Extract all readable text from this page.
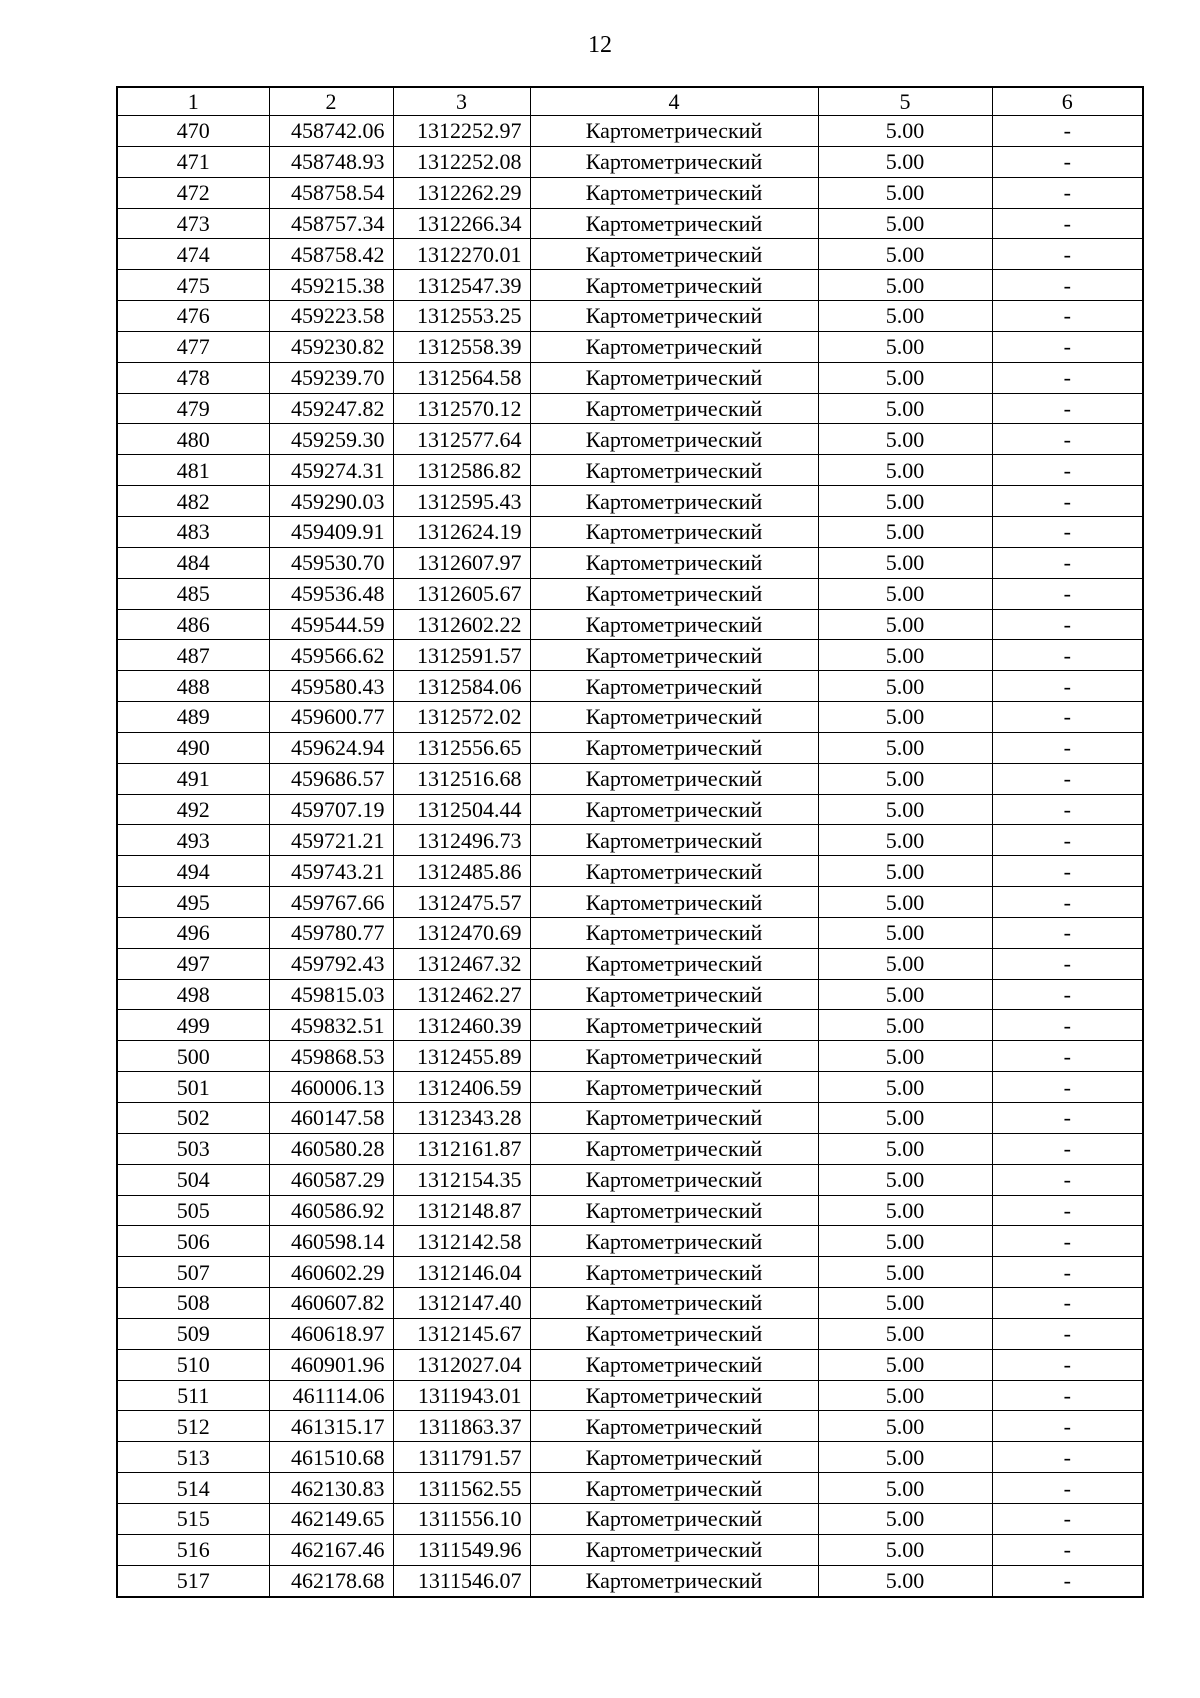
12
1	2	3	4	5	6
470	458742.06	1312252.97	Картометрический	5.00	-
471	458748.93	1312252.08	Картометрический	5.00	-
472	458758.54	1312262.29	Картометрический	5.00	-
473	458757.34	1312266.34	Картометрический	5.00	-
474	458758.42	1312270.01	Картометрический	5.00	-
475	459215.38	1312547.39	Картометрический	5.00	-
476	459223.58	1312553.25	Картометрический	5.00	-
477	459230.82	1312558.39	Картометрический	5.00	-
478	459239.70	1312564.58	Картометрический	5.00	-
479	459247.82	1312570.12	Картометрический	5.00	-
480	459259.30	1312577.64	Картометрический	5.00	-
481	459274.31	1312586.82	Картометрический	5.00	-
482	459290.03	1312595.43	Картометрический	5.00	-
483	459409.91	1312624.19	Картометрический	5.00	-
484	459530.70	1312607.97	Картометрический	5.00	-
485	459536.48	1312605.67	Картометрический	5.00	-
486	459544.59	1312602.22	Картометрический	5.00	-
487	459566.62	1312591.57	Картометрический	5.00	-
488	459580.43	1312584.06	Картометрический	5.00	-
489	459600.77	1312572.02	Картометрический	5.00	-
490	459624.94	1312556.65	Картометрический	5.00	-
491	459686.57	1312516.68	Картометрический	5.00	-
492	459707.19	1312504.44	Картометрический	5.00	-
493	459721.21	1312496.73	Картометрический	5.00	-
494	459743.21	1312485.86	Картометрический	5.00	-
495	459767.66	1312475.57	Картометрический	5.00	-
496	459780.77	1312470.69	Картометрический	5.00	-
497	459792.43	1312467.32	Картометрический	5.00	-
498	459815.03	1312462.27	Картометрический	5.00	-
499	459832.51	1312460.39	Картометрический	5.00	-
500	459868.53	1312455.89	Картометрический	5.00	-
501	460006.13	1312406.59	Картометрический	5.00	-
502	460147.58	1312343.28	Картометрический	5.00	-
503	460580.28	1312161.87	Картометрический	5.00	-
504	460587.29	1312154.35	Картометрический	5.00	-
505	460586.92	1312148.87	Картометрический	5.00	-
506	460598.14	1312142.58	Картометрический	5.00	-
507	460602.29	1312146.04	Картометрический	5.00	-
508	460607.82	1312147.40	Картометрический	5.00	-
509	460618.97	1312145.67	Картометрический	5.00	-
510	460901.96	1312027.04	Картометрический	5.00	-
511	461114.06	1311943.01	Картометрический	5.00	-
512	461315.17	1311863.37	Картометрический	5.00	-
513	461510.68	1311791.57	Картометрический	5.00	-
514	462130.83	1311562.55	Картометрический	5.00	-
515	462149.65	1311556.10	Картометрический	5.00	-
516	462167.46	1311549.96	Картометрический	5.00	-
517	462178.68	1311546.07	Картометрический	5.00	-
